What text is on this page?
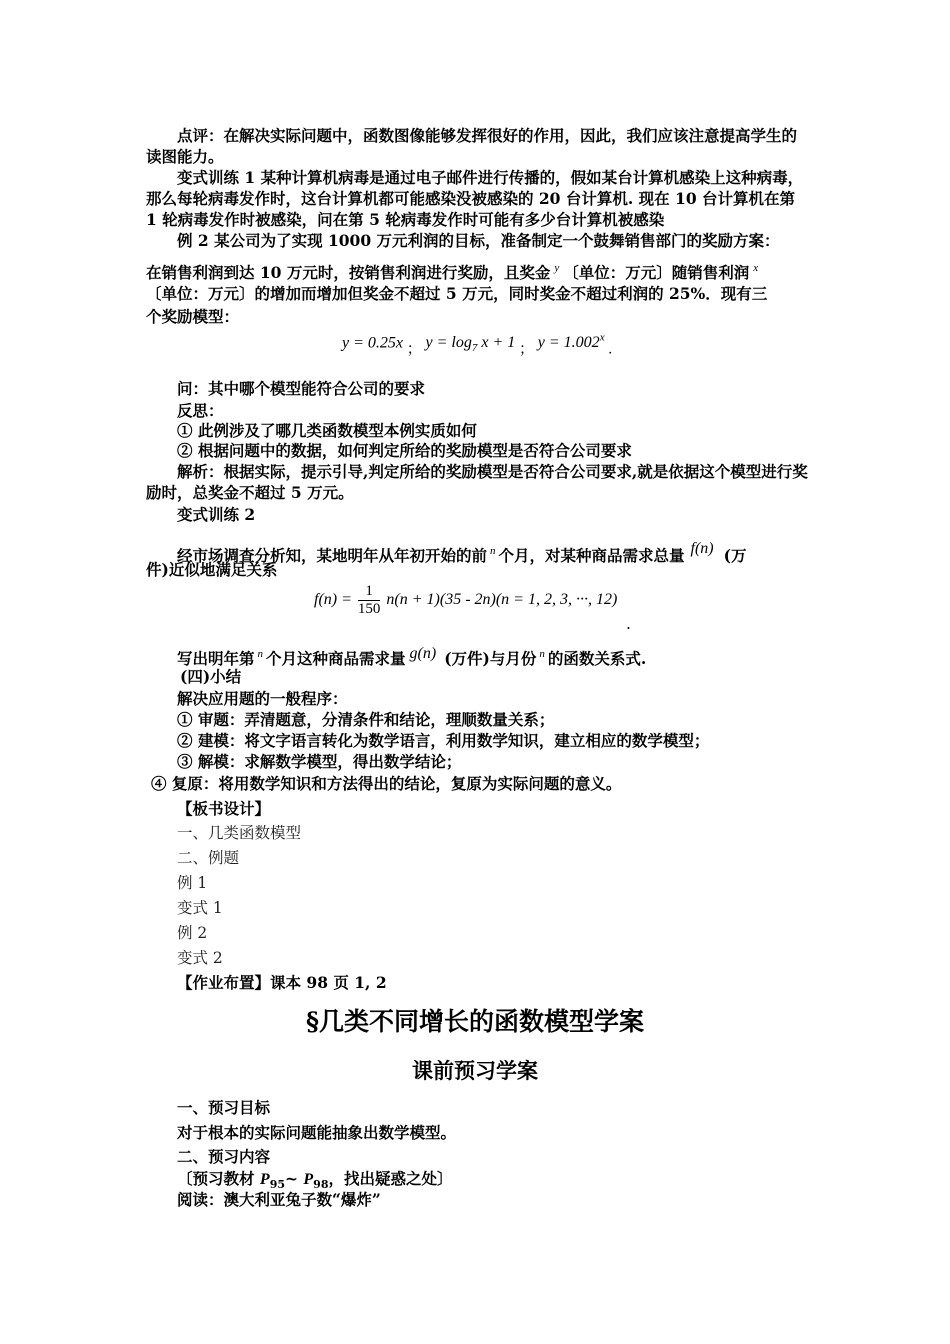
点评：在解决实际问题中，函数图像能够发挥很好的作用，因此，我们应该注意提高学生的读图能力。
变式训练 1 某种计算机病毒是通过电子邮件进行传播的，假如某台计算机感染上这种病毒，那么每轮病毒发作时，这台计算机都可能感染没被感染的 20 台计算机. 现在 10 台计算机在第 1 轮病毒发作时被感染，问在第 5 轮病毒发作时可能有多少台计算机被感染
例 2 某公司为了实现 1000 万元利润的目标，准备制定一个鼓舞销售部门的奖励方案：
在销售利润到达 10 万元时，按销售利润进行奖励，且奖金 $^y$ 〔单位：万元〕随销售利润 $^x$
〔单位：万元〕的增加而增加但奖金不超过 5 万元，同时奖金不超过利润的 25%．现有三
个奖励模型：
y = 0.25x ； $y = \log_7 x + 1$ ； $y = 1.002^x$ .
问：其中哪个模型能符合公司的要求
反思：
① 此例涉及了哪几类函数模型本例实质如何
② 根据问题中的数据，如何判定所给的奖励模型是否符合公司要求
解析：根据实际，提示引导,判定所给的奖励模型是否符合公司要求,就是依据这个模型进行奖励时，总奖金不超过 5 万元。
变式训练 2
经市场调查分析知，某地明年从年初开始的前 $^n$ 个月，对某种商品需求总量 f(n) (万
件)近似地满足关系
$f(n) = \frac{1}{150} n(n + 1)(35 - 2n)(n = 1$, 2, 3, ···, 12)
.
写出明年第 $^n$ 个月这种商品需求量 g(n) (万件)与月份 $^n$ 的函数关系式.
(四)小结
解决应用题的一般程序：
① 审题：弄清题意，分清条件和结论，理顺数量关系；
② 建模：将文字语言转化为数学语言，利用数学知识，建立相应的数学模型；
③ 解模：求解数学模型，得出数学结论；
④ 复原：将用数学知识和方法得出的结论，复原为实际问题的意义。
【板书设计】
一、几类函数模型
二、例题
例 1
变式 1
例 2
变式 2
【作业布置】课本 98 页 1, 2
§几类不同增长的函数模型学案
课前预习学案
一、预习目标
对于根本的实际问题能抽象出数学模型。
二、预习内容
〔预习教材 $P_{95}\sim$ $P_{98}$，找出疑惑之处〕
阅读：澳大利亚兔子数“爆炸”
